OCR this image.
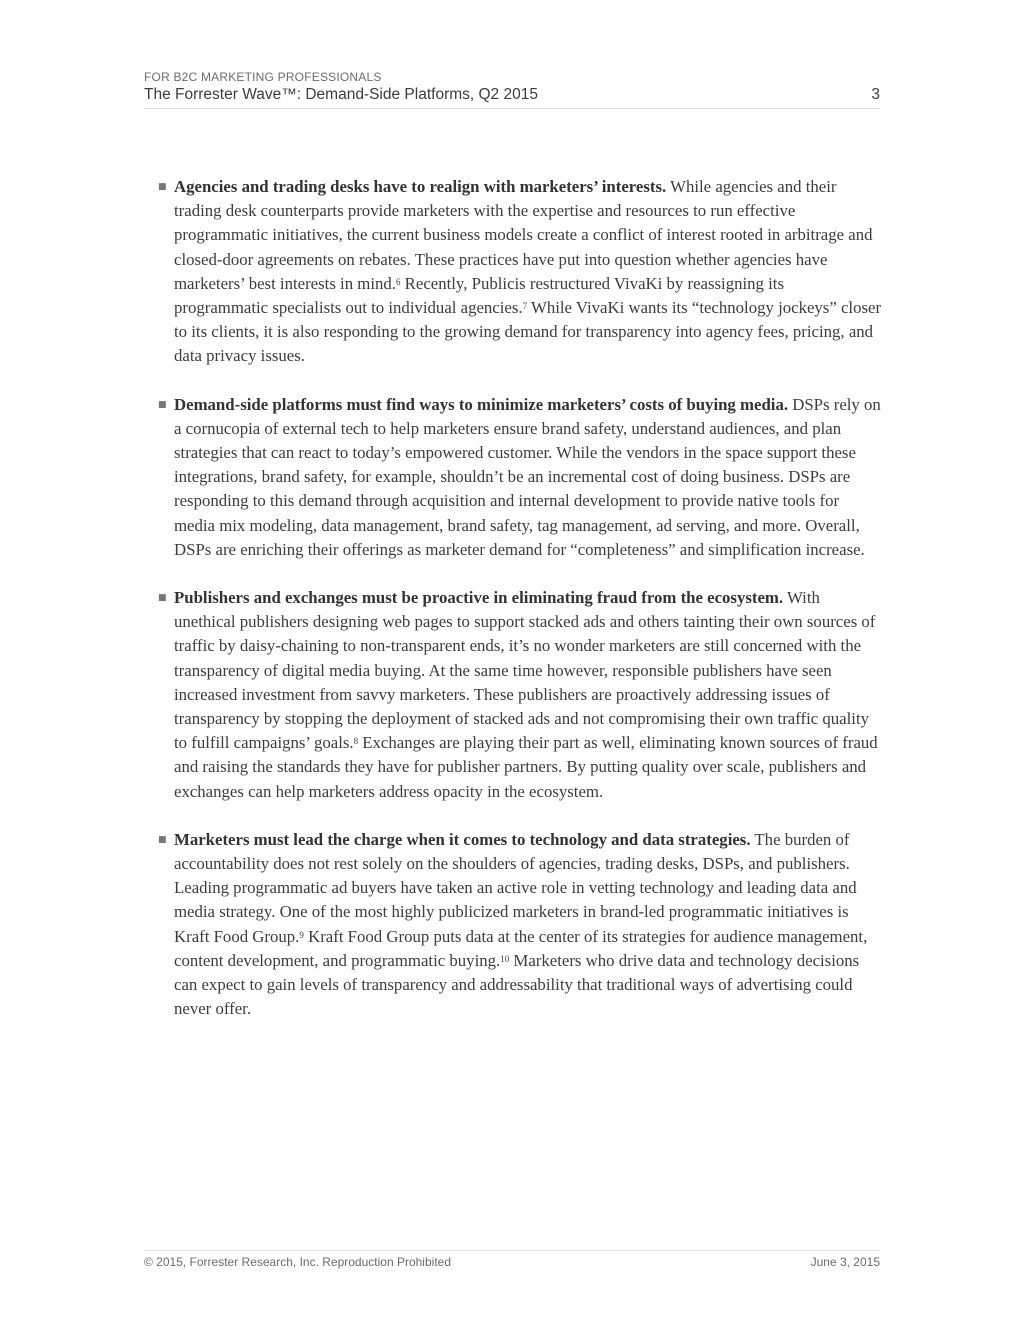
FOR B2C MARKETING PROFESSIONALS
The Forrester Wave™: Demand-Side Platforms, Q2 2015	3
■ Agencies and trading desks have to realign with marketers’ interests. While agencies and their trading desk counterparts provide marketers with the expertise and resources to run effective programmatic initiatives, the current business models create a conflict of interest rooted in arbitrage and closed-door agreements on rebates. These practices have put into question whether agencies have marketers’ best interests in mind.$^6$ Recently, Publicis restructured VivaKi by reassigning its programmatic specialists out to individual agencies.$^7$ While VivaKi wants its “technology jockeys” closer to its clients, it is also responding to the growing demand for transparency into agency fees, pricing, and data privacy issues.
■ Demand-side platforms must find ways to minimize marketers’ costs of buying media. DSPs rely on a cornucopia of external tech to help marketers ensure brand safety, understand audiences, and plan strategies that can react to today’s empowered customer. While the vendors in the space support these integrations, brand safety, for example, shouldn’t be an incremental cost of doing business. DSPs are responding to this demand through acquisition and internal development to provide native tools for media mix modeling, data management, brand safety, tag management, ad serving, and more. Overall, DSPs are enriching their offerings as marketer demand for “completeness” and simplification increase.
■ Publishers and exchanges must be proactive in eliminating fraud from the ecosystem. With unethical publishers designing web pages to support stacked ads and others tainting their own sources of traffic by daisy-chaining to non-transparent ends, it’s no wonder marketers are still concerned with the transparency of digital media buying. At the same time however, responsible publishers have seen increased investment from savvy marketers. These publishers are proactively addressing issues of transparency by stopping the deployment of stacked ads and not compromising their own traffic quality to fulfill campaigns’ goals.$^8$ Exchanges are playing their part as well, eliminating known sources of fraud and raising the standards they have for publisher partners. By putting quality over scale, publishers and exchanges can help marketers address opacity in the ecosystem.
■ Marketers must lead the charge when it comes to technology and data strategies. The burden of accountability does not rest solely on the shoulders of agencies, trading desks, DSPs, and publishers. Leading programmatic ad buyers have taken an active role in vetting technology and leading data and media strategy. One of the most highly publicized marketers in brand-led programmatic initiatives is Kraft Food Group.$^9$ Kraft Food Group puts data at the center of its strategies for audience management, content development, and programmatic buying.$^{10}$ Marketers who drive data and technology decisions can expect to gain levels of transparency and addressability that traditional ways of advertising could never offer.
© 2015, Forrester Research, Inc. Reproduction Prohibited	June 3, 2015
